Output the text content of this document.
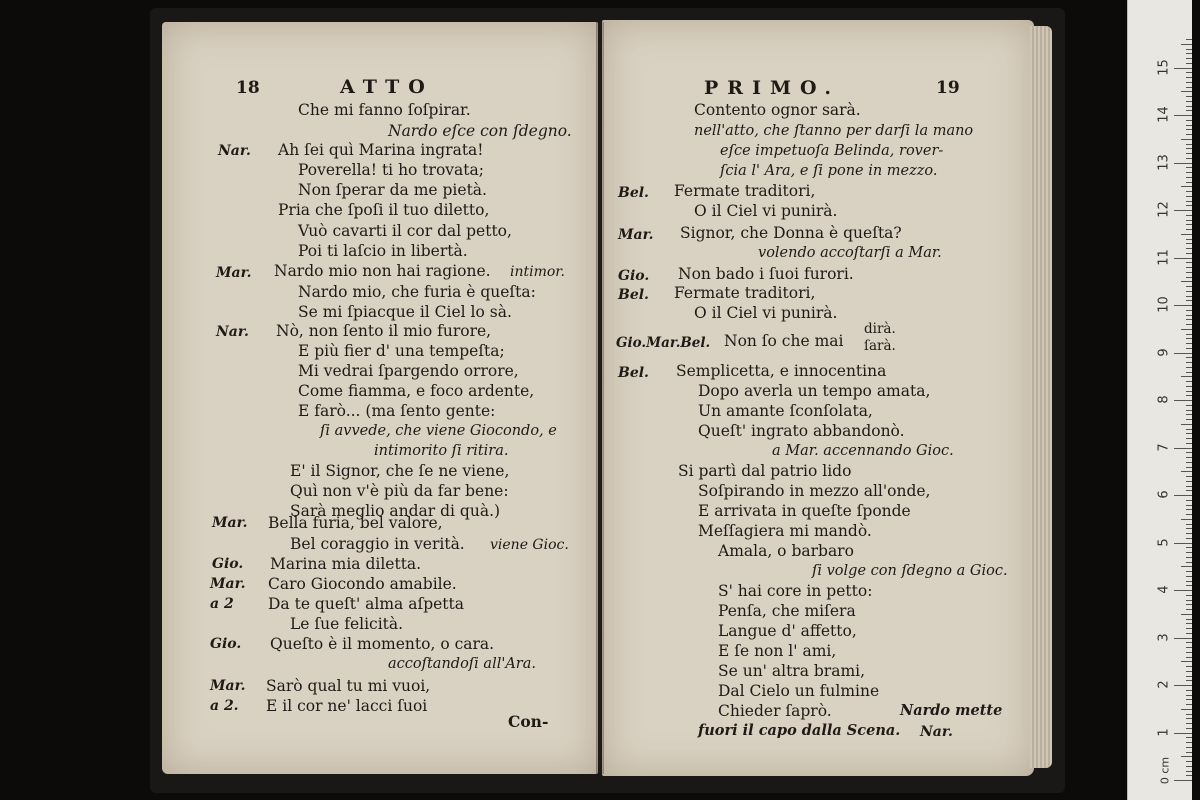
18	ATTO
Che mi fanno ſoſpirar.
Nardo eſce con ſdegno.
Nar. Ah ſei quì Marina ingrata!
Poverella! ti ho trovata;
Non ſperar da me pietà.
Pria che ſpoſi il tuo diletto,
Vuò cavarti il cor dal petto,
Poi ti laſcio in libertà.
Mar. Nardo mio non hai ragione. intimor.
Nardo mio, che furia è queſta:
Se mi ſpiacque il Ciel lo sà.
Nar. Nò, non ſento il mio furore,
E più fier d' una tempeſta;
Mi vedrai ſpargendo orrore,
Come fiamma, e foco ardente,
E farò... (ma ſento gente:
ſi avvede, che viene Giocondo, e
intimorito ſi ritira.
E' il Signor, che ſe ne viene,
Quì non v'è più da far bene:
Sarà meglio andar di quà.)
Mar. Bella furia, bel valore,
Bel coraggio in verità. viene Gioc.
Gio. Marina mia diletta.
Mar. Caro Giocondo amabile.
a 2 Da te queſt' alma aſpetta
Le ſue felicità.
Gio. Queſto è il momento, o cara.
accoſtandoſi all'Ara.
Mar. Sarò qual tu mi vuoi,
a 2. E il cor ne' lacci ſuoi
Con-
PRIMO.	19
Contento ognor sarà.
nell'atto, che ſtanno per darſi la mano
eſce impetuoſa Belinda, rover-
ſcia l' Ara, e ſi pone in mezzo.
Bel. Fermate traditori,
O il Ciel vi punirà.
Mar. Signor, che Donna è queſta?
volendo accoſtarſi a Mar.
Gio. Non bado i ſuoi furori.
Bel. Fermate traditori,
O il Ciel vi punirà.
Gio.Mar.Bel. Non ſo che mai
dirà.
ſarà.
Bel. Semplicetta, e innocentina
Dopo averla un tempo amata,
Un amante ſconſolata,
Queſt' ingrato abbandonò.
a Mar. accennando Gioc.
Si partì dal patrio lido
Soſpirando in mezzo all'onde,
E arrivata in queſte ſponde
Meſſagiera mi mandò.
Amala, o barbaro
ſi volge con ſdegno a Gioc.
S' hai core in petto:
Penſa, che miſera
Langue d' affetto,
E ſe non l' ami,
Se un' altra brami,
Dal Cielo un fulmine
Chieder ſaprò.	Nardo mette
fuori il capo dalla Scena. Nar.
0 cm
1
2
3
4
5
6
7
8
9
10
11
12
13
14
15
